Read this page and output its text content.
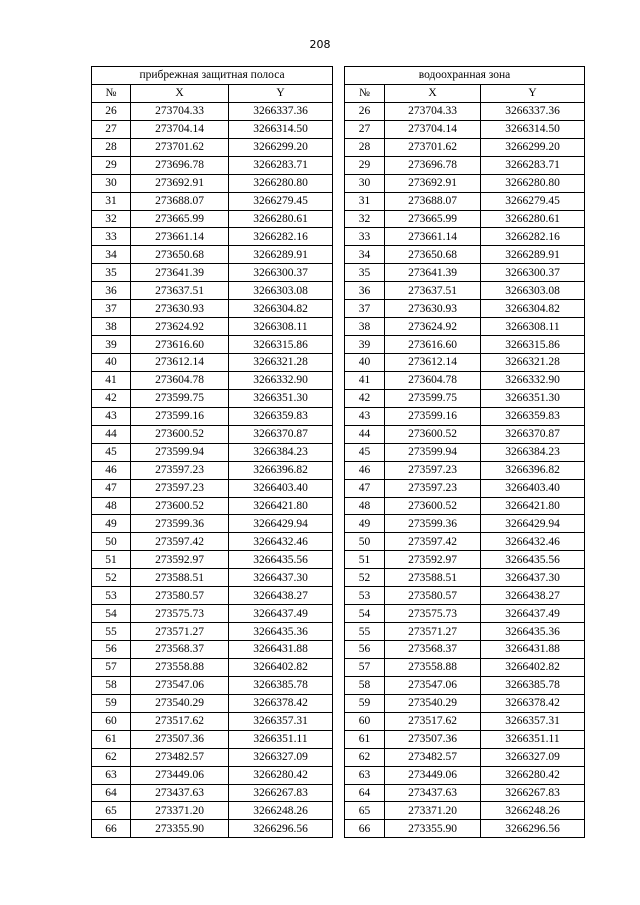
208
прибрежная защитная полоса				водоохранная зона		
№	X	Y		№	X	Y
26	273704.33	3266337.36		26	273704.33	3266337.36
27	273704.14	3266314.50		27	273704.14	3266314.50
28	273701.62	3266299.20		28	273701.62	3266299.20
29	273696.78	3266283.71		29	273696.78	3266283.71
30	273692.91	3266280.80		30	273692.91	3266280.80
31	273688.07	3266279.45		31	273688.07	3266279.45
32	273665.99	3266280.61		32	273665.99	3266280.61
33	273661.14	3266282.16		33	273661.14	3266282.16
34	273650.68	3266289.91		34	273650.68	3266289.91
35	273641.39	3266300.37		35	273641.39	3266300.37
36	273637.51	3266303.08		36	273637.51	3266303.08
37	273630.93	3266304.82		37	273630.93	3266304.82
38	273624.92	3266308.11		38	273624.92	3266308.11
39	273616.60	3266315.86		39	273616.60	3266315.86
40	273612.14	3266321.28		40	273612.14	3266321.28
41	273604.78	3266332.90		41	273604.78	3266332.90
42	273599.75	3266351.30		42	273599.75	3266351.30
43	273599.16	3266359.83		43	273599.16	3266359.83
44	273600.52	3266370.87		44	273600.52	3266370.87
45	273599.94	3266384.23		45	273599.94	3266384.23
46	273597.23	3266396.82		46	273597.23	3266396.82
47	273597.23	3266403.40		47	273597.23	3266403.40
48	273600.52	3266421.80		48	273600.52	3266421.80
49	273599.36	3266429.94		49	273599.36	3266429.94
50	273597.42	3266432.46		50	273597.42	3266432.46
51	273592.97	3266435.56		51	273592.97	3266435.56
52	273588.51	3266437.30		52	273588.51	3266437.30
53	273580.57	3266438.27		53	273580.57	3266438.27
54	273575.73	3266437.49		54	273575.73	3266437.49
55	273571.27	3266435.36		55	273571.27	3266435.36
56	273568.37	3266431.88		56	273568.37	3266431.88
57	273558.88	3266402.82		57	273558.88	3266402.82
58	273547.06	3266385.78		58	273547.06	3266385.78
59	273540.29	3266378.42		59	273540.29	3266378.42
60	273517.62	3266357.31		60	273517.62	3266357.31
61	273507.36	3266351.11		61	273507.36	3266351.11
62	273482.57	3266327.09		62	273482.57	3266327.09
63	273449.06	3266280.42		63	273449.06	3266280.42
64	273437.63	3266267.83		64	273437.63	3266267.83
65	273371.20	3266248.26		65	273371.20	3266248.26
66	273355.90	3266296.56		66	273355.90	3266296.56
